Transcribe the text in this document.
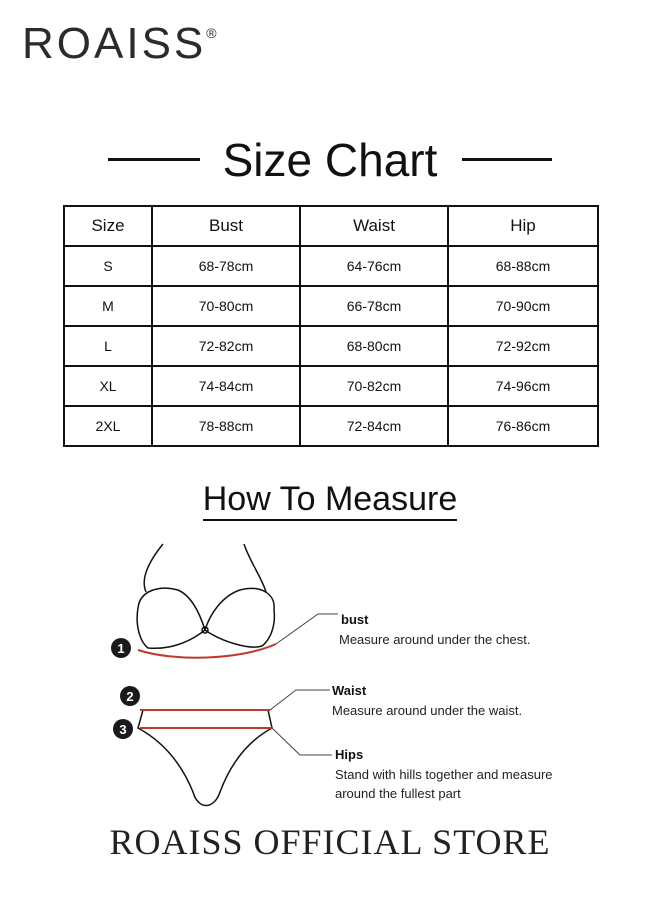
ROAISS®
Size Chart
Size	Bust	Waist	Hip
S	68-78cm	64-76cm	68-88cm
M	70-80cm	66-78cm	70-90cm
L	72-82cm	68-80cm	72-92cm
XL	74-84cm	70-82cm	74-96cm
2XL	78-88cm	72-84cm	76-86cm
How To Measure
1
2
3
bust
Measure around under the chest.
Waist
Measure around under the waist.
Hips
Stand with hills together and measure
around the fullest part
ROAISS OFFICIAL STORE
